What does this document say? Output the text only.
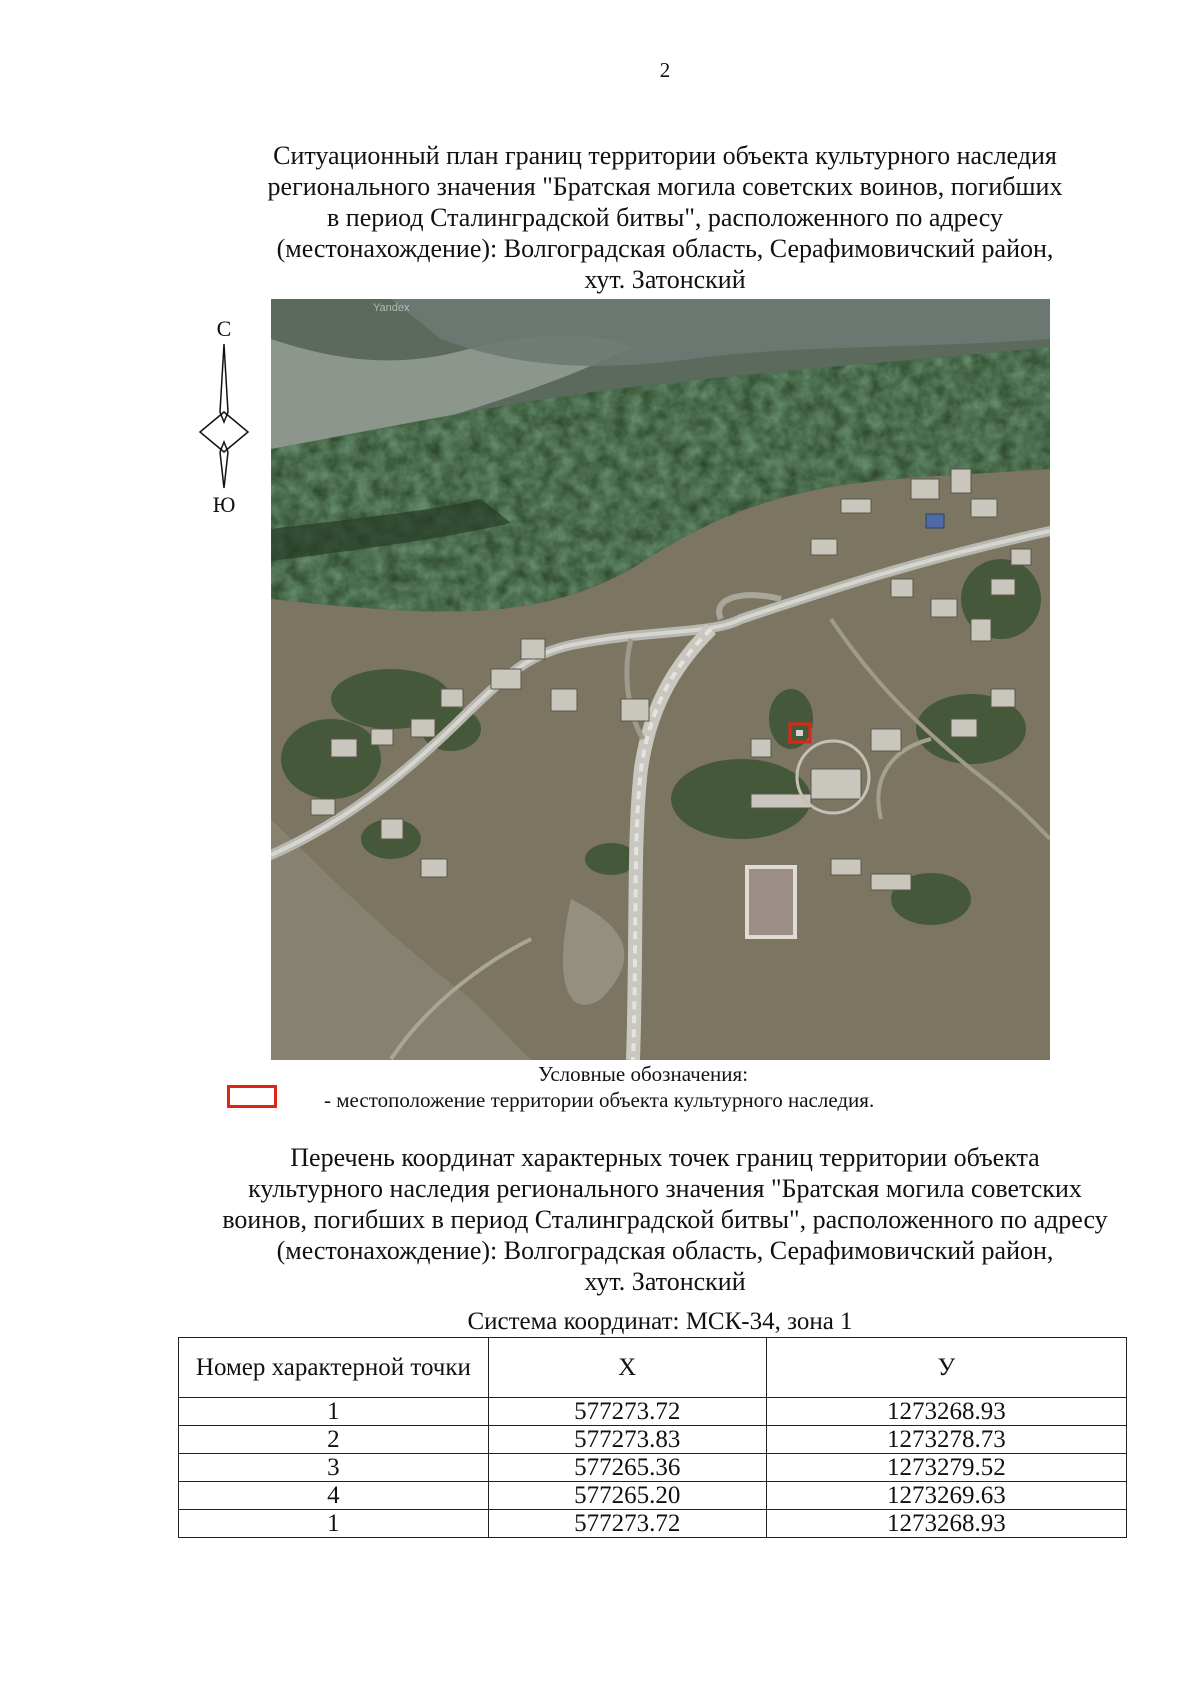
2
Ситуационный план границ территории объекта культурного наследия
регионального значения "Братская могила советских воинов, погибших
в период Сталинградской битвы", расположенного по адресу
(местонахождение): Волгоградская область, Серафимовичский район,
хут. Затонский
С
Ю
Yandex
Условные обозначения:
- местоположение территории объекта культурного наследия.
Перечень координат характерных точек границ территории объекта
культурного наследия регионального значения "Братская могила советских
воинов, погибших в период Сталинградской битвы", расположенного по адресу
(местонахождение): Волгоградская область, Серафимовичский район,
хут. Затонский
Система координат: МСК-34, зона 1
Номер характерной точки	Х	У
1	577273.72	1273268.93
2	577273.83	1273278.73
3	577265.36	1273279.52
4	577265.20	1273269.63
1	577273.72	1273268.93
